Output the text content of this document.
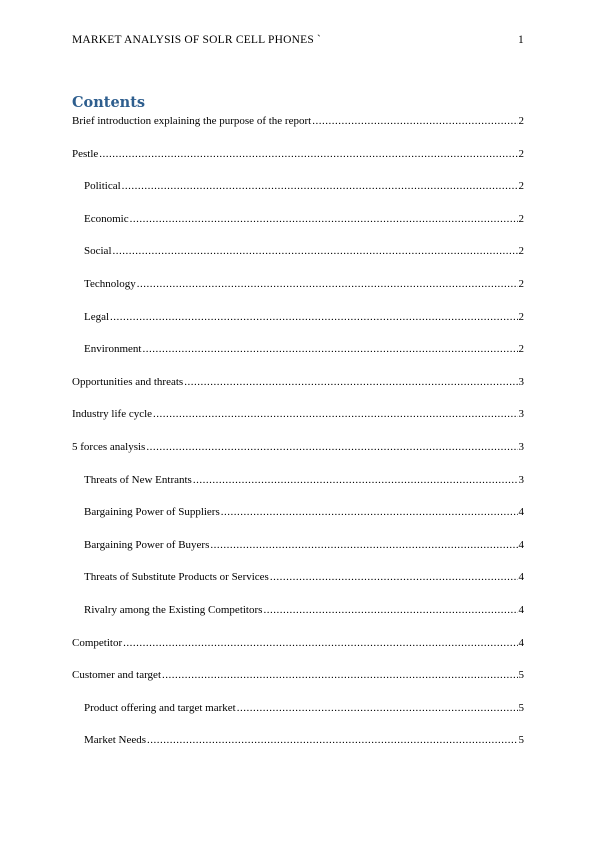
MARKET ANALYSIS OF SOLR CELL PHONES `	1
Contents
Brief introduction explaining the purpose of the report .....	2
Pestle .....	2
Political .....	2
Economic .....	2
Social .....	2
Technology .....	2
Legal .....	2
Environment .....	2
Opportunities and threats .....	3
Industry life cycle .....	3
5 forces analysis .....	3
Threats of New Entrants .....	3
Bargaining Power of Suppliers .....	4
Bargaining Power of Buyers .....	4
Threats of Substitute Products or Services .....	4
Rivalry among the Existing Competitors .....	4
Competitor .....	4
Customer and target .....	5
Product offering and target market .....	5
Market Needs .....	5
